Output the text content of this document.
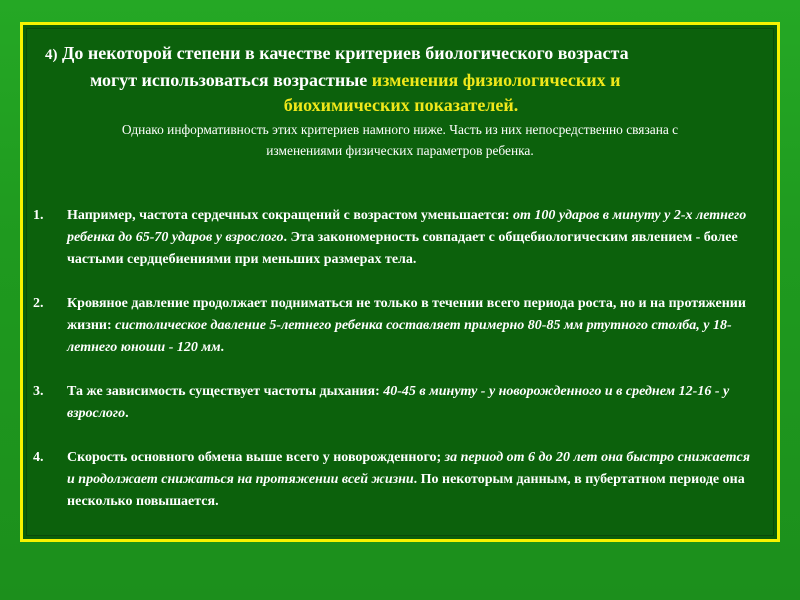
4) До некоторой степени в качестве критериев биологического возраста
могут использоваться возрастные изменения физиологических и
биохимических показателей.
Однако информативность этих критериев намного ниже. Часть из них непосредственно связана с
изменениями физических параметров ребенка.
1. Например, частота сердечных сокращений с возрастом уменьшается: от 100 ударов в минуту у 2-х летнего ребенка до 65-70 ударов у взрослого. Эта закономерность совпадает с общебиологическим явлением - более частыми сердцебиениями при меньших размерах тела.
2. Кровяное давление продолжает подниматься не только в течении всего периода роста, но и на протяжении жизни: систолическое давление 5-летнего ребенка составляет примерно 80-85 мм ртутного столба, у 18-летнего юноши - 120 мм.
3. Та же зависимость существует частоты дыхания: 40-45 в минуту - у новорожденного и в среднем 12-16 - у взрослого.
4. Скорость основного обмена выше всего у новорожденного; за период от 6 до 20 лет она быстро снижается и продолжает снижаться на протяжении всей жизни. По некоторым данным, в пубертатном периоде она несколько повышается.
